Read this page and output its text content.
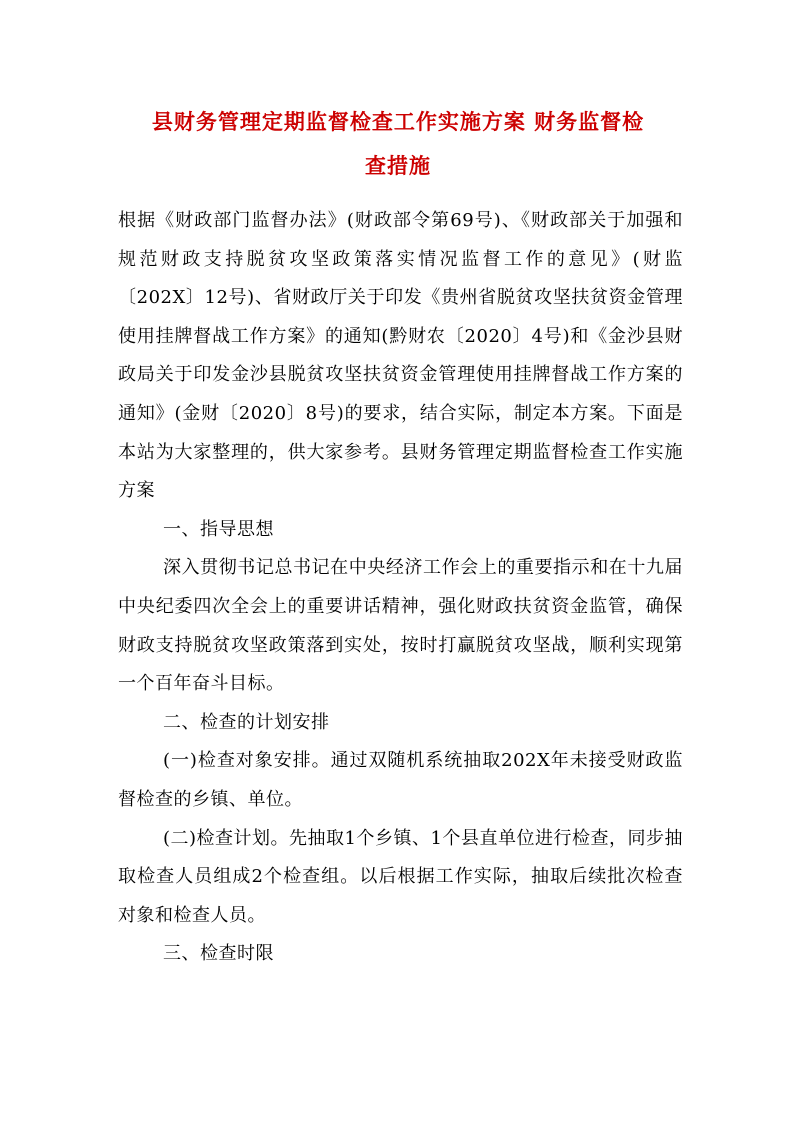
县财务管理定期监督检查工作实施方案 财务监督检
查措施

根据《财政部门监督办法》(财政部令第69号)、《财政部关于加强和规范财政支持脱贫攻坚政策落实情况监督工作的意见》(财监〔202X〕12号)、省财政厅关于印发《贵州省脱贫攻坚扶贫资金管理使用挂牌督战工作方案》的通知(黔财农〔2020〕4号)和《金沙县财政局关于印发金沙县脱贫攻坚扶贫资金管理使用挂牌督战工作方案的通知》(金财〔2020〕8号)的要求，结合实际，制定本方案。下面是本站为大家整理的，供大家参考。县财务管理定期监督检查工作实施方案

一、指导思想

深入贯彻书记总书记在中央经济工作会上的重要指示和在十九届中央纪委四次全会上的重要讲话精神，强化财政扶贫资金监管，确保财政支持脱贫攻坚政策落到实处，按时打赢脱贫攻坚战，顺利实现第一个百年奋斗目标。

二、检查的计划安排

(一)检查对象安排。通过双随机系统抽取202X年未接受财政监督检查的乡镇、单位。

(二)检查计划。先抽取1个乡镇、1个县直单位进行检查，同步抽取检查人员组成2个检查组。以后根据工作实际，抽取后续批次检查对象和检查人员。

三、检查时限
